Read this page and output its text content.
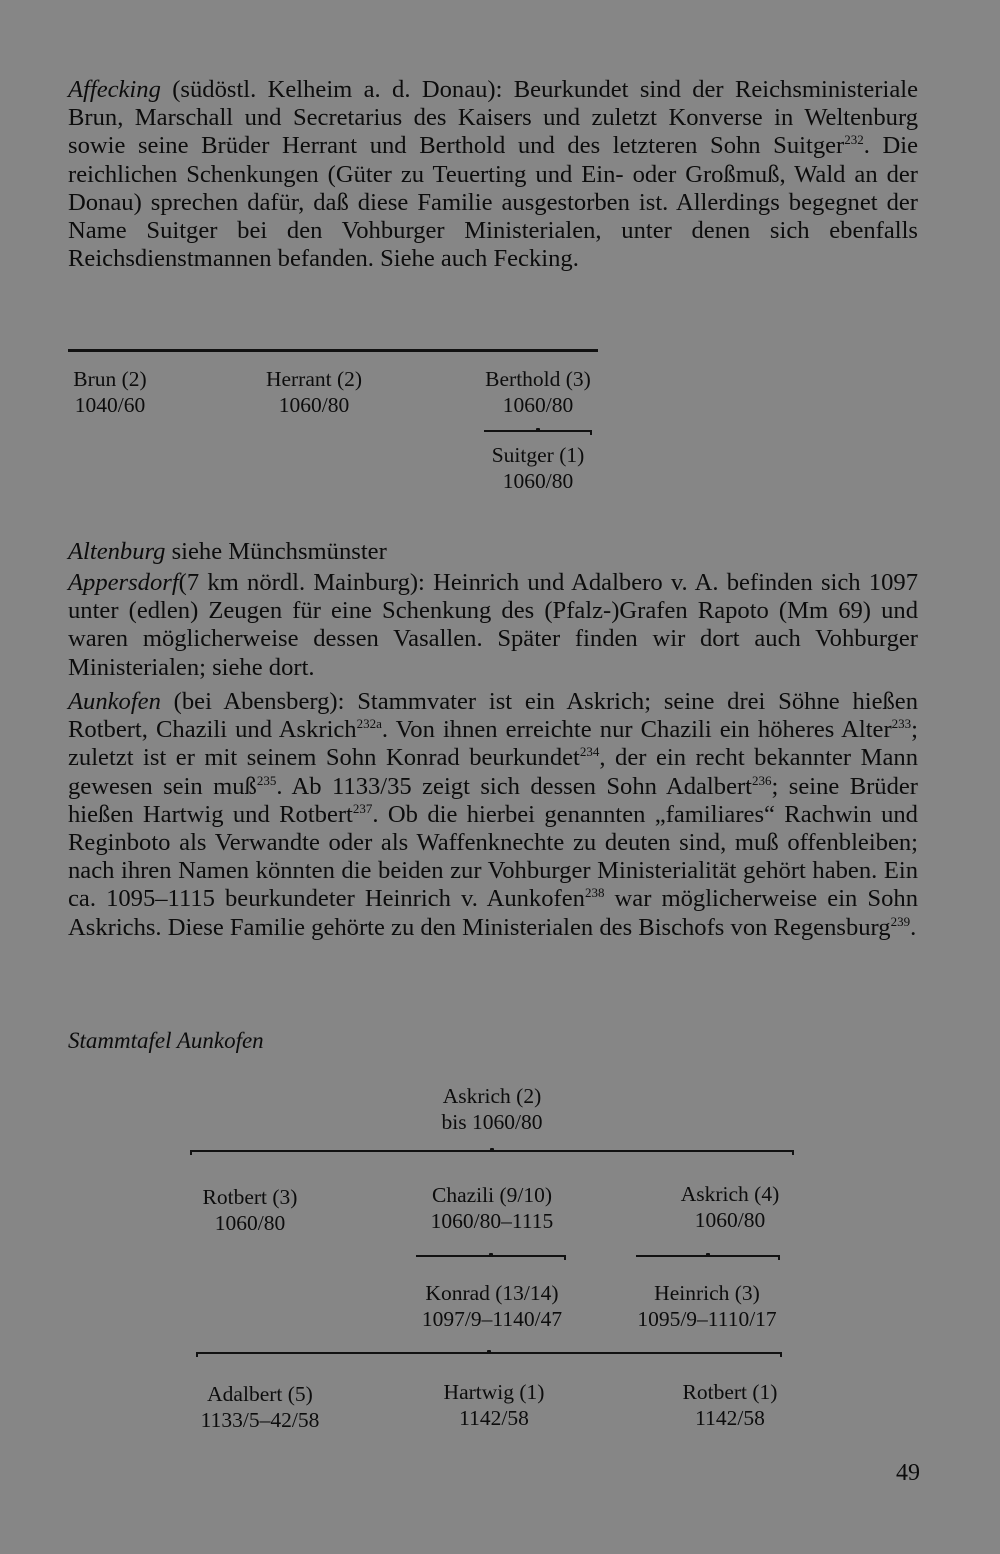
Affecking (südöstl. Kelheim a. d. Donau): Beurkundet sind der Reichsministeriale Brun, Marschall und Secretarius des Kaisers und zuletzt Konverse in Weltenburg sowie seine Brüder Herrant und Berthold und des letzteren Sohn Suitger$^{232}$. Die reichlichen Schenkungen (Güter zu Teuerting und Ein- oder Großmuß, Wald an der Donau) sprechen dafür, daß diese Familie ausgestorben ist. Allerdings begegnet der Name Suitger bei den Vohburger Ministerialen, unter denen sich ebenfalls Reichsdienstmannen befanden. Siehe auch Fecking.

Brun (2)
1040/60
Herrant (2)
1060/80
Berthold (3)
1060/80
Suitger (1)
1060/80

Altenburg siehe Münchsmünster

Appersdorf(7 km nördl. Mainburg): Heinrich und Adalbero v. A. befinden sich 1097 unter (edlen) Zeugen für eine Schenkung des (Pfalz-)Grafen Rapoto (Mm 69) und waren möglicherweise dessen Vasallen. Später finden wir dort auch Vohburger Ministerialen; siehe dort.

Aunkofen (bei Abensberg): Stammvater ist ein Askrich; seine drei Söhne hießen Rotbert, Chazili und Askrich$^{232a}$. Von ihnen erreichte nur Chazili ein höheres Alter$^{233}$; zuletzt ist er mit seinem Sohn Konrad beurkundet$^{234}$, der ein recht bekannter Mann gewesen sein muß$^{235}$. Ab 1133/35 zeigt sich dessen Sohn Adalbert$^{236}$; seine Brüder hießen Hartwig und Rotbert$^{237}$. Ob die hierbei genannten „familiares“ Rachwin und Reginboto als Verwandte oder als Waffenknechte zu deuten sind, muß offenbleiben; nach ihren Namen könnten die beiden zur Vohburger Ministerialität gehört haben. Ein ca. 1095–1115 beurkundeter Heinrich v. Aunkofen$^{238}$ war möglicherweise ein Sohn Askrichs. Diese Familie gehörte zu den Ministerialen des Bischofs von Regensburg$^{239}$.

Stammtafel Aunkofen
Askrich (2)
bis 1060/80
Rotbert (3)
1060/80
Chazili (9/10)
1060/80–1115
Askrich (4)
1060/80
Konrad (13/14)
1097/9–1140/47
Heinrich (3)
1095/9–1110/17
Adalbert (5)
1133/5–42/58
Hartwig (1)
1142/58
Rotbert (1)
1142/58
49
